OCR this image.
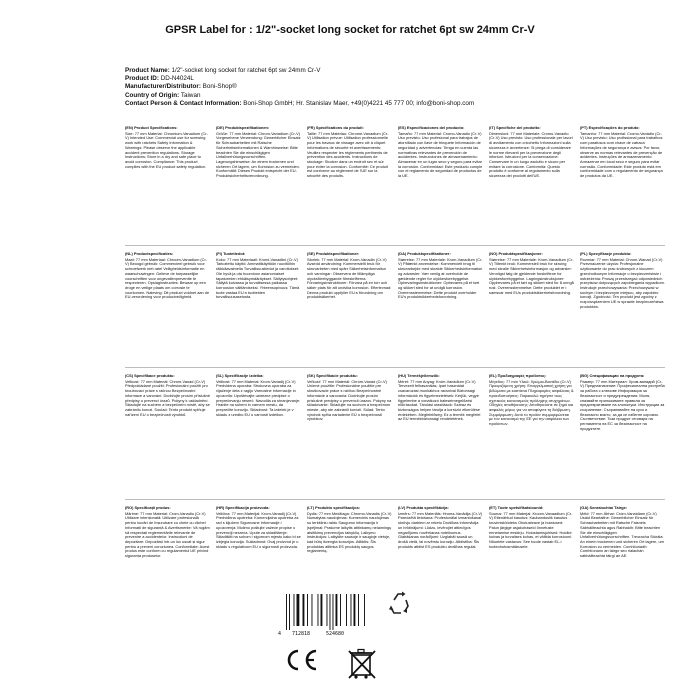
GPSR Label for : 1/2"-socket long socket for ratchet 6pt sw 24mm Cr-V
Product Name: 1/2"-socket long socket for ratchet 6pt sw 24mm Cr-V
Product ID: DD-N4024L
Manufacturer/Distributor: Boni-Shop®
Country of Origin: Taiwan
Contact Person & Contact Information: Boni-Shop GmbH; Hr. Stanislav Maer, +49(0)4221 45 777 00; info@boni-shop.com
(EN) Product Specifications:
Size: 77 mm Material: Chromium-Vanadium (Cr-V) Intended Use: Commercial use for screwing work with ratchets Safety Information & Warnings: Please observe the applicable accident prevention regulations. Storage Instructions: Store in a dry and safe place to avoid corrosion. Compliance: This product complies with the EU product safety regulation.
(DE) Produktspezifikationen:
Größe: 77 mm Material: Chrom-Vanadium (Cr-V) Vorgesehene Verwendung: Gewerblicher Einsatz für Schraubarbeiten mit Ratsche Sicherheitsinformationen & Warnhinweise: Bitte beachten Sie die einschlägigen Unfallverhütungsvorschriften. Lagerungshinweise: An einem trockenen und sicheren Ort lagern, um Korrosion zu vermeiden. Konformität: Dieses Produkt entspricht der EU-Produktsicherheitsverordnung.
(FR) Spécifications du produit:
Taille: 77 mm Matériau: Chrome-Vanadium (Cr-V) Utilisation prévue: Utilisation professionnelle pour les travaux de vissage avec clé à cliquet Informations de sécurité et avertissements: Veuillez respecter les règlements pertinents de prévention des accidents. Instructions de stockage: Stocker dans un endroit sec et sûr pour éviter la corrosion. Conformité: Ce produit est conforme au règlement de l'UE sur la sécurité des produits.
(ES) Especificaciones del producto:
Tamaño: 77 mm Material: Cromo-Vanadio (Cr-V) Uso previsto: Uso profesional para trabajos de atornillado con llave de trinquete Información de seguridad y advertencias: Tenga en cuenta las normativas relevantes de prevención de accidentes. Instrucciones de almacenamiento: Almacenar en un lugar seco y seguro para evitar la corrosión. Conformidad: Este producto cumple con el reglamento de seguridad de productos de la UE.
(IT) Specifiche del prodotto:
Dimensioni: 77 mm Materiale: Cromo-Vanadio (Cr-V) Uso previsto: Uso professionale per lavori di avvitamento con cricchetto Informazioni sulla sicurezza e avvertenze: Si prega di considerare le norme rilevanti per la prevenzione degli infortuni. Istruzioni per la conservazione: Conservare in un luogo asciutto e sicuro per evitare la corrosione. Conformità: Questo prodotto è conforme al regolamento sulla sicurezza dei prodotti dell'UE.
(PT) Especificações do produto:
Tamanho: 77 mm Material: Cromo-Vanádio (Cr-V) Uso previsto: Uso profissional para trabalhos com parafusos com chave de catraca Informações de segurança e avisos: Por favor, observe as normas relevantes de prevenção de acidentes. Instruções de armazenamento: Armazenar em local seco e seguro para evitar corrosão. Conformidade: Este produto está em conformidade com o regulamento de segurança de produtos da UE.
(NL) Productspecificaties:
Maat: 77 mm Materiaal: Chroom-Vanadium (Cr-V) Beoogd gebruik: Commercieel gebruik voor schroefwerk met ratel Veiligheidsinformatie en waarschuwingen: Gelieve de toepasselijke voorschriften voor ongevallenpreventie te respecteren. Opslaginstructies: Bewaar op een droge en veilige plaats om corrosie te voorkomen. Naleving: Dit product voldoet aan de EU-verordening voor productveiligheid.
(FI) Tuotetiedot:
Koko: 77 mm Materiaali: Kromi-Vanadiini (Cr-V) Tarkoitettu käyttö: Ammattikäyttöön ruuvitöihin räikkäavaimella Turvallisuustiedot ja varoitukset: Ole hyvä ja ota huomioon asianomaiset tapaturmien ehkäisymääräykset. Säilytysohjeet: Säilytä kuivassa ja turvallisessa paikassa korroosion välttämiseksi. Yhteensopivuus: Tämä tuote vastaa EU:n tuotteiden turvallisuusasetusta.
(SE) Produktspecifikationer:
Storlek: 77 mm Material: Krom-Vanadin (Cr-V) Avsedd användning: Kommersiellt bruk för skruvarbeten med spärr Säkerhetsinformation och varningar: Observera de tillämpliga olycksförebyggande föreskrifterna. Förvaringsinstruktioner: Förvara på en torr och säker plats för att undvika korrosion. Efterlevnad: Denna produkt uppfyller EU:s förordning om produktsäkerhet.
(DA) Produktspecifikationer:
Størrelse: 77 mm Materiale: Krom-Vanadium (Cr-V) Påtænkt anvendelse: Kommercielt brug til skruearbejde med skralde Sikkerhedsinformation og advarsler: Vær venlig at overholde de gældende regler for ulykkesforebyggelse. Opbevaringsinstruktioner: Opbevares på et tørt og sikkert sted for at undgå korrosion. Overensstemmelse: Dette produkt overholder EU's produktsikkerhedsforordning.
(NO) Produktspesifikasjoner:
Størrelse: 77 mm Materiale: Krom-Vanadium (Cr-V) Tiltenkt bruk: Kommersiell bruk for skruing med skralle Sikkerhetsinformasjon og advarsler: Vennligst følg de gjeldende forskriftene for ulykkesforebyggelse. Lagringsinstruksjoner: Oppbevares på et tørt og sikkert sted for å unngå rust. Overensstemmelse: Dette produktet er i samsvar med EUs produktsikkerhetsforordning.
(PL) Specyfikacje produktu:
Rozmiar: 77 mm Materiał: Chrom-Wanad (Cr-V) Przeznaczenie użycia: Profesjonalne użytkowanie do prac śrubowych z kluczem grzechotkowym Informacje o bezpieczeństwie i ostrzeżenia: Proszę przestrzegać odpowiednich przepisów dotyczących zapobiegania wypadkom. Instrukcje przechowywania: Przechowywać w suchym i bezpiecznym miejscu, aby zapobiec korozji. Zgodność: Ten produkt jest zgodny z rozporządzeniem UE w sprawie bezpieczeństwa produktów.
(CS) Specifikace produktu:
Velikost: 77 mm Materiál: Chrom-Vanad (Cr-V) Předpokládané použití: Profesionální použití pro šroubovací práce s ráčnou Bezpečnostní informace a varování: Dodržujte prosím příslušné předpisy o prevenci úrazů. Pokyny k uskladnění: Skladujte na suchém a bezpečném místě, aby se zabránilo korozi. Soulad: Tento produkt splňuje nařízení EU o bezpečnosti výrobků.
(SL) Specifikacije izdelka:
Velikost: 77 mm Material: Krom-Vanadij (Cr-V) Predvidena uporaba: Strokovna uporaba za vijačenje dela z ragljo Varnostne informacije in opozorila: Upoštevajte ustrezne predpise o preprečevanju nesreč. Navodila za shranjevanje: Hranite na suhem in varnem mestu, da preprečite korozijo. Skladnost: Ta izdelek je v skladu z uredbo EU o varnosti izdelkov.
(SK) Špecifikácie produktu:
Veľkosť: 77 mm Materiál: Chróm-Vanád (Cr-V) Určené použitie: Profesionálne použitie pre skrutkovacie práce s račňou Bezpečnostné informácie a varovania: Dodržujte prosím príslušné predpisy o prevencii úrazov. Pokyny na skladovanie: Skladujte na suchom a bezpečnom mieste, aby ste zabránili korózii. Súlad: Tento výrobok spĺňa nariadenie EÚ o bezpečnosti výrobkov.
(HU) Termékjellemzők:
Méret: 77 mm Anyag: Króm-Vanádium (Cr-V) Tervezett felhasználás: Ipari használat csavarozási munkákhoz racsnival Biztonsági információk és figyelmeztetések: Kérjük, vegye figyelembe a vonatkozó balesetmegelőzési előírásokat. Tárolási utasítások: Száraz és biztonságos helyen tárolja a korrózió elkerülése érdekében. Megfelelőség: Ez a termék megfelel az EU termékbiztonsági rendeletének.
(EL) Προδιαγραφές προϊόντος:
Μέγεθος: 77 mm Υλικό: Χρώμιο-Βανάδιο (Cr-V) Προοριζόμενη χρήση: Επαγγελματική χρήση για βιδώματα με καστάνια Πληροφορίες ασφάλειας & προειδοποιήσεις: Παρακαλώ τηρήστε τους σχετικούς κανονισμούς πρόληψης ατυχημάτων. Οδηγίες αποθήκευσης: Αποθηκεύστε σε ξηρό και ασφαλές μέρος για να αποφύγετε τη διάβρωση. Συμμόρφωση: Αυτό το προϊόν συμμορφώνεται με τον κανονισμό της ΕΕ για την ασφάλεια των προϊόντων.
(BG) Спецификации на продукта:
Размер: 77 mm Материал: Хром-ванадий (Cr-V) Предназначение: Професионална употреба за работа с ключове Информация за безопасност и предупреждения: Моля, спазвайте приложимите правила за предотвратяване на злополуки. Инструкции за съхранение: Съхранявайте на сухо и безопасно място, за да се избегне корозия. Съответствие: Този продукт отговаря на регламента на ЕС за безопасност на продуктите.
(RO) Specificații produs:
Mărime: 77 mm Material: Crom-Vanadiu (Cr-V) Utilizare intenționată: Utilizare profesională pentru lucrări de înșurubare cu cheie cu clichet Informații de siguranță & Avertismente: Vă rugăm să respectați reglementările relevante de prevenire a accidentelor. Instrucțiuni de depozitare: Depozitați într-un loc uscat și sigur pentru a preveni coroziunea. Conformitate: Acest produs este conform cu regulamentul UE privind siguranța produselor.
(HR) Specifikacija proizvoda:
Veličina: 77 mm Materijal: Krom-Vanadij (Cr-V) Predviđena upotreba: Komercijalna upotreba za rad s ključem Sigurnosne informacije i upozorenja: Molimo poštujte važeće propise o prevenciji nesreća. Upute za skladištenje: Skladištiti na suhom i sigurnom mjestu kako bi se izbjegla korozija. Sukladnost: Ovaj proizvod je u skladu s regulativom EU o sigurnosti proizvoda.
(LT) Produkto specifikacijos:
Dydis: 77 mm Medžiaga: Chromo-Vanadis (Cr-V) Numatytas naudojimas: Komercinis naudojimas su terkšliniu raktu Saugumo informacija ir įspėjimai: Prašome laikytis atitinkamų nelaimingų atsitikimų prevencijos taisyklių. Laikymo instrukcijos: Laikykite sausoje ir saugioje vietoje, kad būtų išvengta korozijos. Atitiktis: Šis produktas atitinka ES produktų saugos reglamentą.
(LV) Produkta specifikācija:
Izmērs: 77 mm Materiāls: Hroma-Vanādija (Cr-V) Paredzētā lietošana: Profesionālai izmantošanai skrūvju darbiem ar reketu Drošības informācija un brīdinājumi: Lūdzu, ievērojiet attiecīgos negadījumu novēršanas noteikumus. Glabāšanas norādījumi: Uzglabāt sausā un drošā vietā, lai novērstu koroziju. Atbilstība: Šis produkts atbilst ES produktu drošības regulai.
(ET) Toote spetsifikatsioonid:
Suurus: 77 mm Materjal: Kroom-Vanaadium (Cr-V) Ettenähtud kasutus: Kaubanduslik kasutus kruvimistöödeks Ohutusteave ja hoiatused: Palun järgige asjakohaseid õnnetuste ennetamise eeskirju. Hoiustamisjuhised: Hoidke kuivas ja turvalises kohas, et vältida korrosiooni. Nõuetele vastavus: See toode vastab EL-i tooteohutusmäärusele.
(GA) Sonraíochtaí Táirge:
Méid: 77 mm Ábhar: Cróm-Vanaidiam (Cr-V) Úsáid Beartaithe: Gewerblicher Einsatz für Schraubarbeiten mit Ratsche Faisnéis Sábháilteachta agus Rabhaidh: Bitte beachten Sie die einschlägigen Unfallverhütungsvorschriften. Treoracha Stórála: An einem trockenen und sicheren Ort lagern, um Korrosion zu vermeiden. Comhlíonadh: Comhlíonann an táirge seo rialachán sábháilteachta táirgí an AE.
4 712818	524680
